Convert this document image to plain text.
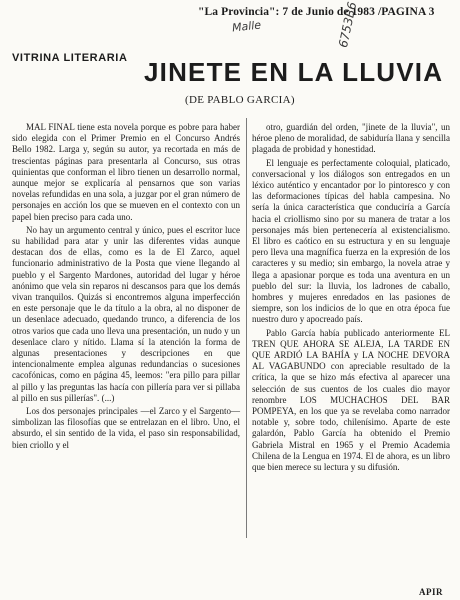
"La Provincia": 7 de Junio de 1983 /PAGINA 3
Malle	6753B6
VITRINA LITERARIA JINETE EN LA LLUVIA
(DE PABLO GARCIA)

MAL FINAL tiene esta novela porque es pobre para haber sido elegida con el Primer Premio en el Concurso Andrés Bello 1982. Larga y, según su autor, ya recortada en más de trescientas páginas para presentarla al Concurso, sus otras quinientas que conforman el libro tienen un desarrollo normal, aunque mejor se explicaría al pensarnos que son varias novelas refundidas en una sola, a juzgar por el gran número de personajes en acción los que se mueven en el contexto con un papel bien preciso para cada uno.

No hay un argumento central y único, pues el escritor luce su habilidad para atar y unir las diferentes vidas aunque destacan dos de ellas, como es la de El Zarco, aquel funcionario administrativo de la Posta que viene llegando al pueblo y el Sargento Mardones, autoridad del lugar y héroe anónimo que vela sin reparos ni descansos para que los demás vivan tranquilos. Quizás si encontremos alguna imperfección en este personaje que le da título a la obra, al no disponer de un desenlace adecuado, quedando trunco, a diferencia de los otros varios que cada uno lleva una presentación, un nudo y un desenlace claro y nítido. Llama sí la atención la forma de algunas presentaciones y descripciones en que intencionalmente emplea algunas redundancias o sucesiones cacofónicas, como en página 45, leemos: "era pillo para pillar al pillo y las preguntas las hacía con pillería para ver si pillaba al pillo en sus pillerías". (...)

Los dos personajes principales —el Zarco y el Sargento— simbolizan las filosofías que se entrelazan en el libro. Uno, el absurdo, el sin sentido de la vida, el paso sin responsabilidad, bien criollo y el

otro, guardián del orden, "jinete de la lluvia", un héroe pleno de moralidad, de sabiduría llana y sencilla plagada de probidad y honestidad.

El lenguaje es perfectamente coloquial, platicado, conversacional y los diálogos son entregados en un léxico auténtico y encantador por lo pintoresco y con las deformaciones típicas del habla campesina. No sería la única característica que conduciría a García hacia el criollismo sino por su manera de tratar a los personajes más bien pertenecería al existencialismo. El libro es caótico en su estructura y en su lenguaje pero lleva una magnífica fuerza en la expresión de los caracteres y su medio; sin embargo, la novela atrae y llega a apasionar porque es toda una aventura en un pueblo del sur: la lluvia, los ladrones de caballo, hombres y mujeres enredados en las pasiones de siempre, son los indicios de lo que en otra época fue nuestro duro y apocreado país.

Pablo García había publicado anteriormente EL TREN QUE AHORA SE ALEJA, LA TARDE EN QUE ARDIÓ LA BAHÍA y LA NOCHE DEVORA AL VAGABUNDO con apreciable resultado de la crítica, la que se hizo más efectiva al aparecer una selección de sus cuentos de los cuales dio mayor renombre LOS MUCHACHOS DEL BAR POMPEYA, en los que ya se revelaba como narrador notable y, sobre todo, chilenísimo. Aparte de este galardón, Pablo García ha obtenido el Premio Gabriela Mistral en 1965 y el Premio Academia Chilena de la Lengua en 1974. El de ahora, es un libro que bien merece su lectura y su difusión.

APIR
